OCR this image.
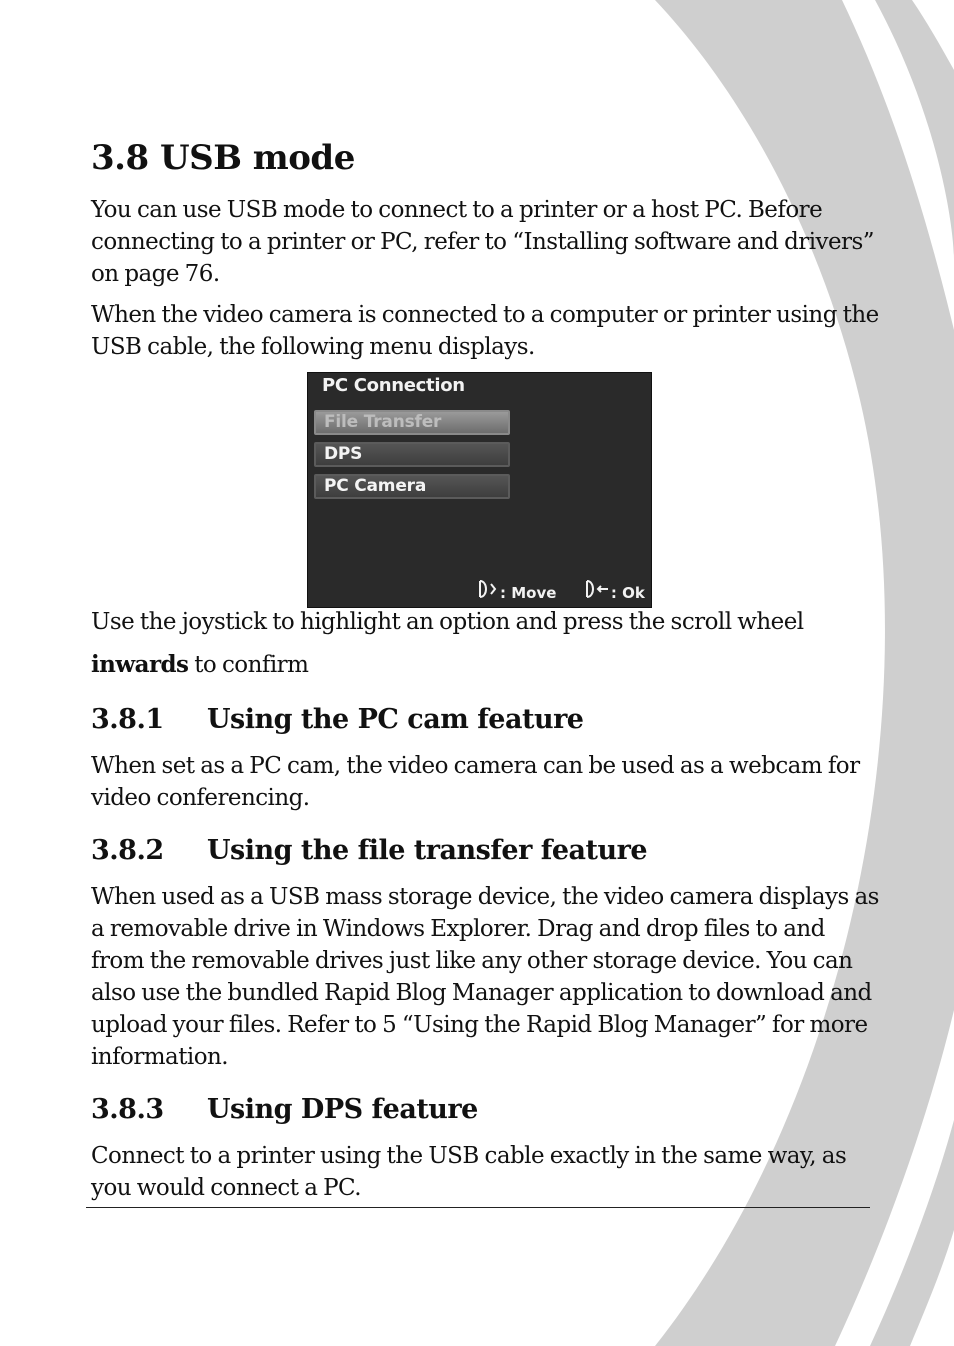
3.8 USB mode

You can use USB mode to connect to a printer or a host PC. Before connecting to a printer or PC, refer to “Installing software and drivers” on page 76.

When the video camera is connected to a computer or printer using the USB cable, the following menu displays.

Use the joystick to highlight an option and press the scroll wheel

inwards to confirm

3.8.1 Using the PC cam feature

When set as a PC cam, the video camera can be used as a webcam for video conferencing.

3.8.2 Using the file transfer feature

When used as a USB mass storage device, the video camera displays as a removable drive in Windows Explorer. Drag and drop files to and from the removable drives just like any other storage device. You can also use the bundled Rapid Blog Manager application to download and upload your files. Refer to 5 “Using the Rapid Blog Manager” for more information.

3.8.3 Using DPS feature

Connect to a printer using the USB cable exactly in the same way, as you would connect a PC.

PC Connection
File Transfer
DPS
PC Camera
: Move	: Ok
